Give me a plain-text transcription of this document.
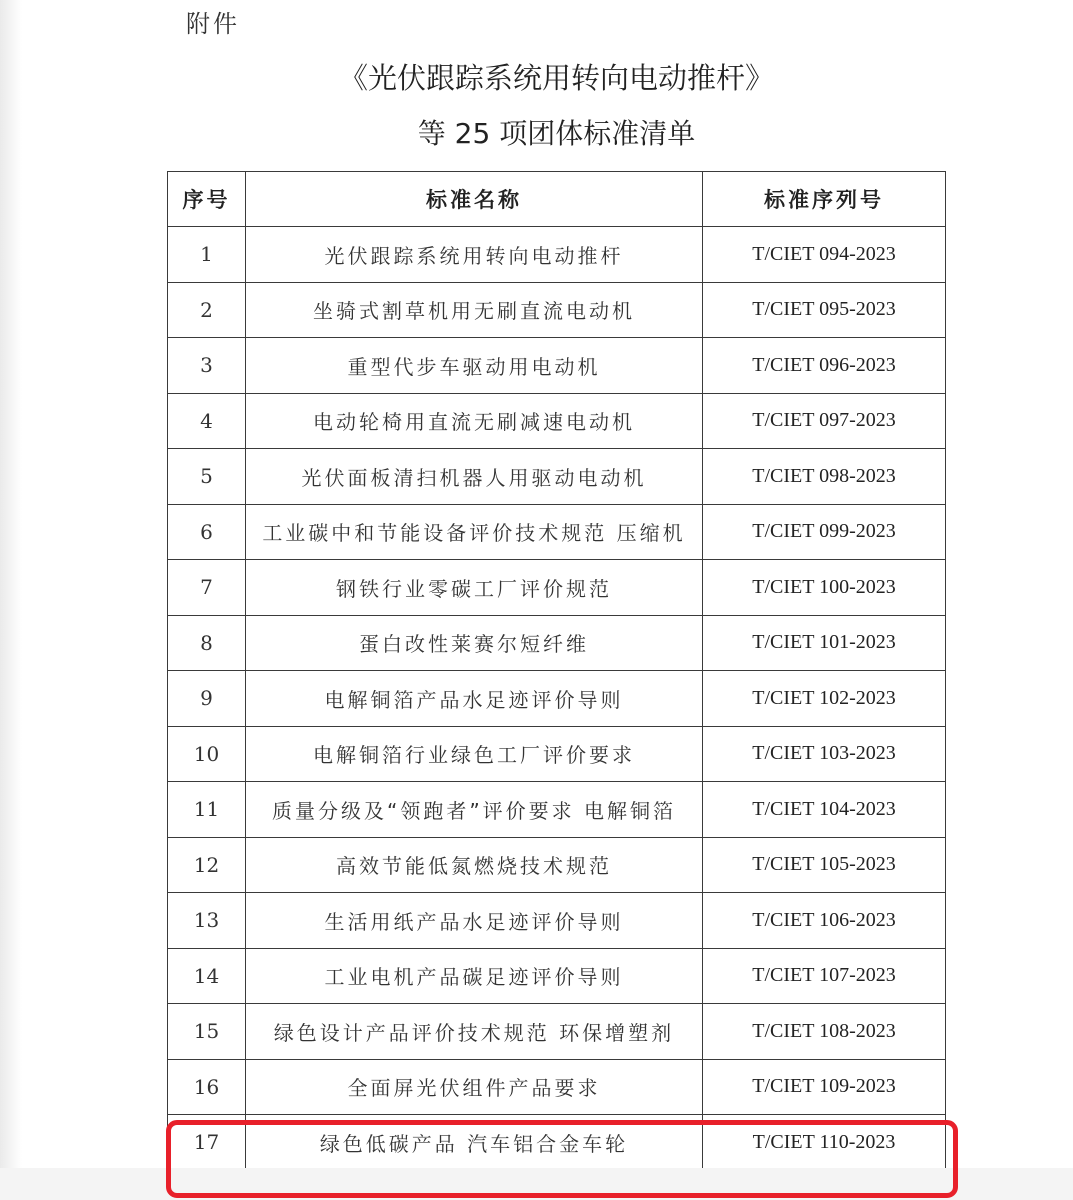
附件
《光伏跟踪系统用转向电动推杆》
等 25 项团体标准清单
序号	标准名称	标准序列号
1	光伏跟踪系统用转向电动推杆	T/CIET 094-2023
2	坐骑式割草机用无刷直流电动机	T/CIET 095-2023
3	重型代步车驱动用电动机	T/CIET 096-2023
4	电动轮椅用直流无刷减速电动机	T/CIET 097-2023
5	光伏面板清扫机器人用驱动电动机	T/CIET 098-2023
6	工业碳中和节能设备评价技术规范 压缩机	T/CIET 099-2023
7	钢铁行业零碳工厂评价规范	T/CIET 100-2023
8	蛋白改性莱赛尔短纤维	T/CIET 101-2023
9	电解铜箔产品水足迹评价导则	T/CIET 102-2023
10	电解铜箔行业绿色工厂评价要求	T/CIET 103-2023
11	质量分级及“领跑者”评价要求 电解铜箔	T/CIET 104-2023
12	高效节能低氮燃烧技术规范	T/CIET 105-2023
13	生活用纸产品水足迹评价导则	T/CIET 106-2023
14	工业电机产品碳足迹评价导则	T/CIET 107-2023
15	绿色设计产品评价技术规范 环保增塑剂	T/CIET 108-2023
16	全面屏光伏组件产品要求	T/CIET 109-2023
17	绿色低碳产品 汽车铝合金车轮	T/CIET 110-2023
